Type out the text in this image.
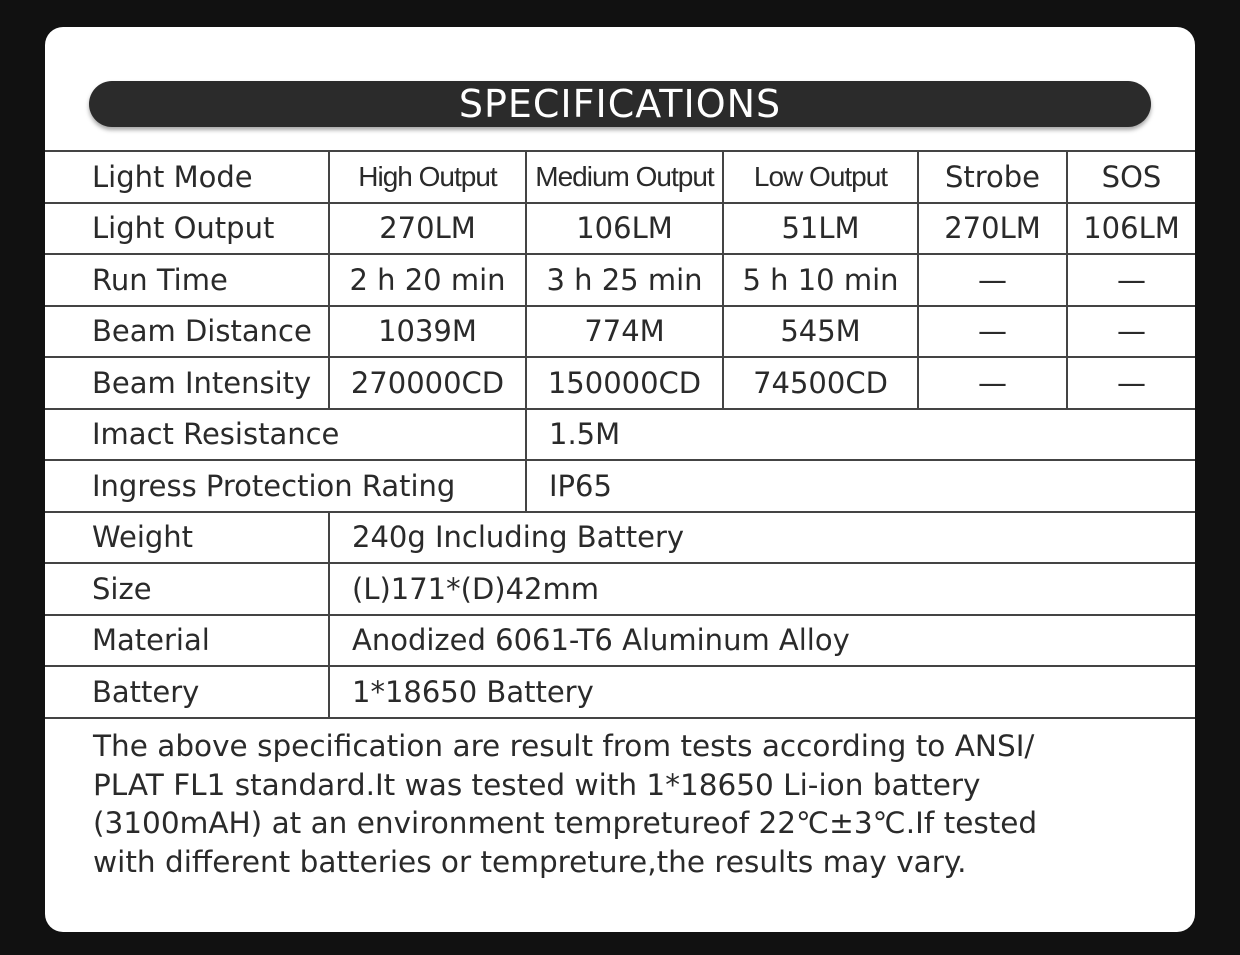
SPECIFICATIONS
Light Mode	High Output	Medium Output	Low Output	Strobe	SOS
Light Output	270LM	106LM	51LM	270LM	106LM
Run Time	2 h 20 min	3 h 25 min	5 h 10 min	—	—
Beam Distance	1039M	774M	545M	—	—
Beam Intensity	270000CD	150000CD	74500CD	—	—
Imact Resistance		1.5M			
Ingress Protection Rating		IP65			
Weight	240g Including Battery				
Size	(L)171*(D)42mm				
Material	Anodized 6061-T6 Aluminum Alloy				
Battery	1*18650 Battery				
The above specification are result from tests according to ANSI/
PLAT FL1 standard.It was tested with 1*18650 Li-ion battery
(3100mAH) at an environment tempretureof 22℃±3℃.If tested
with different batteries or tempreture,the results may vary.
